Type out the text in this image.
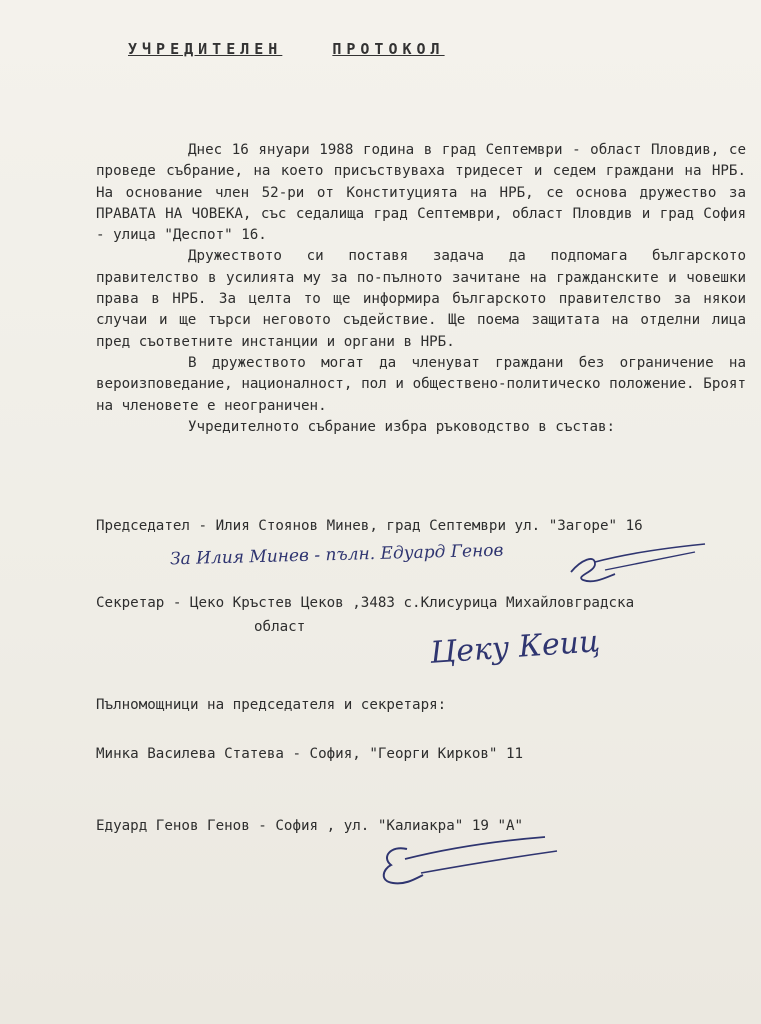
УЧРЕДИТЕЛЕН	ПРОТОКОЛ

Днес 16 януари 1988 година в град Септември - област Пловдив, се проведе събрание, на което присъствуваха тридесет и седем граждани на НРБ. На основание член 52-ри от Конституцията на НРБ, се основа дружество за ПРАВАТА НА ЧОВЕКА, със седалища град Септември, област Пловдив и град София - улица "Деспот" 16.

Дружеството си поставя задача да подпомага българското правителство в усилията му за по-пълното зачитане на гражданските и човешки права в НРБ. За целта то ще информира българското правителство за някои случаи и ще търси неговото съдействие. Ще поема защитата на отделни лица пред съответните инстанции и органи в НРБ.

В дружеството могат да членуват граждани без ограничение на вероизповедание, националност, пол и обществено-политическо положение. Броят на членовете е неограничен.

Учредителното събрание избра ръководство в състав:

Председател - Илия Стоянов Минев, град Септември ул. "Загоре" 16
За Илия Минев - пълн. Едуард Генов
Секретар - Цеко Кръстев Цеков ,3483 с.Клисурица Михайловградска
област	Цеку Кеиц
Пълномощници на председателя и секретаря:
Минка Василева Статева - София, "Георги Кирков" 11
Едуард Генов Генов - София , ул. "Калиакра" 19 "А"
